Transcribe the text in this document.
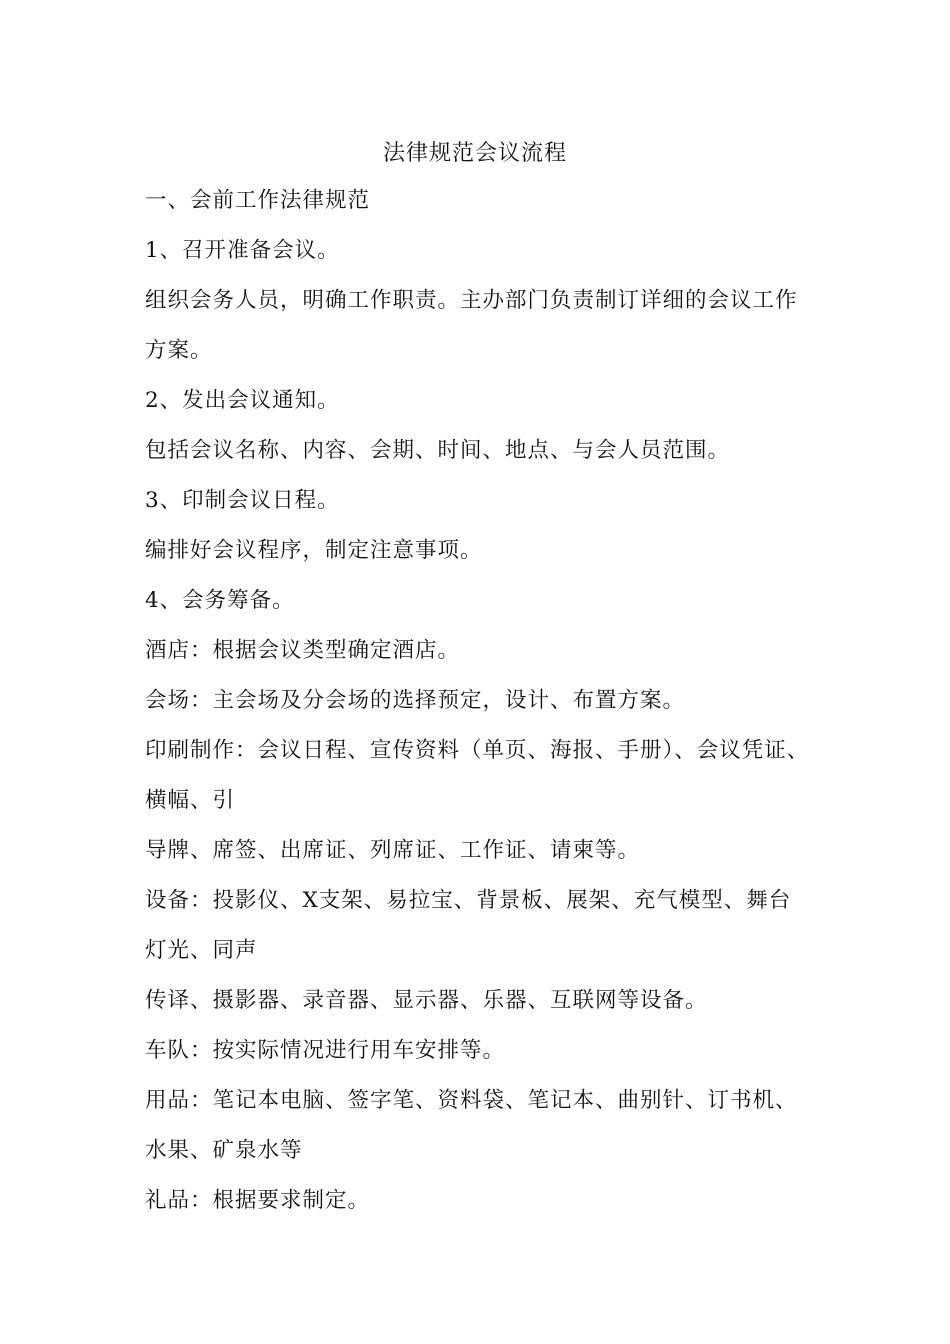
法律规范会议流程
一、会前工作法律规范
1、召开准备会议。
组织会务人员，明确工作职责。主办部门负责制订详细的会议工作
方案。
2、发出会议通知。
包括会议名称、内容、会期、时间、地点、与会人员范围。
3、印制会议日程。
编排好会议程序，制定注意事项。
4、会务筹备。
酒店：根据会议类型确定酒店。
会场：主会场及分会场的选择预定，设计、布置方案。
印刷制作：会议日程、宣传资料（单页、海报、手册）、会议凭证、
横幅、引
导牌、席签、出席证、列席证、工作证、请柬等。
设备：投影仪、X支架、易拉宝、背景板、展架、充气模型、舞台
灯光、同声
传译、摄影器、录音器、显示器、乐器、互联网等设备。
车队：按实际情况进行用车安排等。
用品：笔记本电脑、签字笔、资料袋、笔记本、曲别针、订书机、
水果、矿泉水等
礼品：根据要求制定。
